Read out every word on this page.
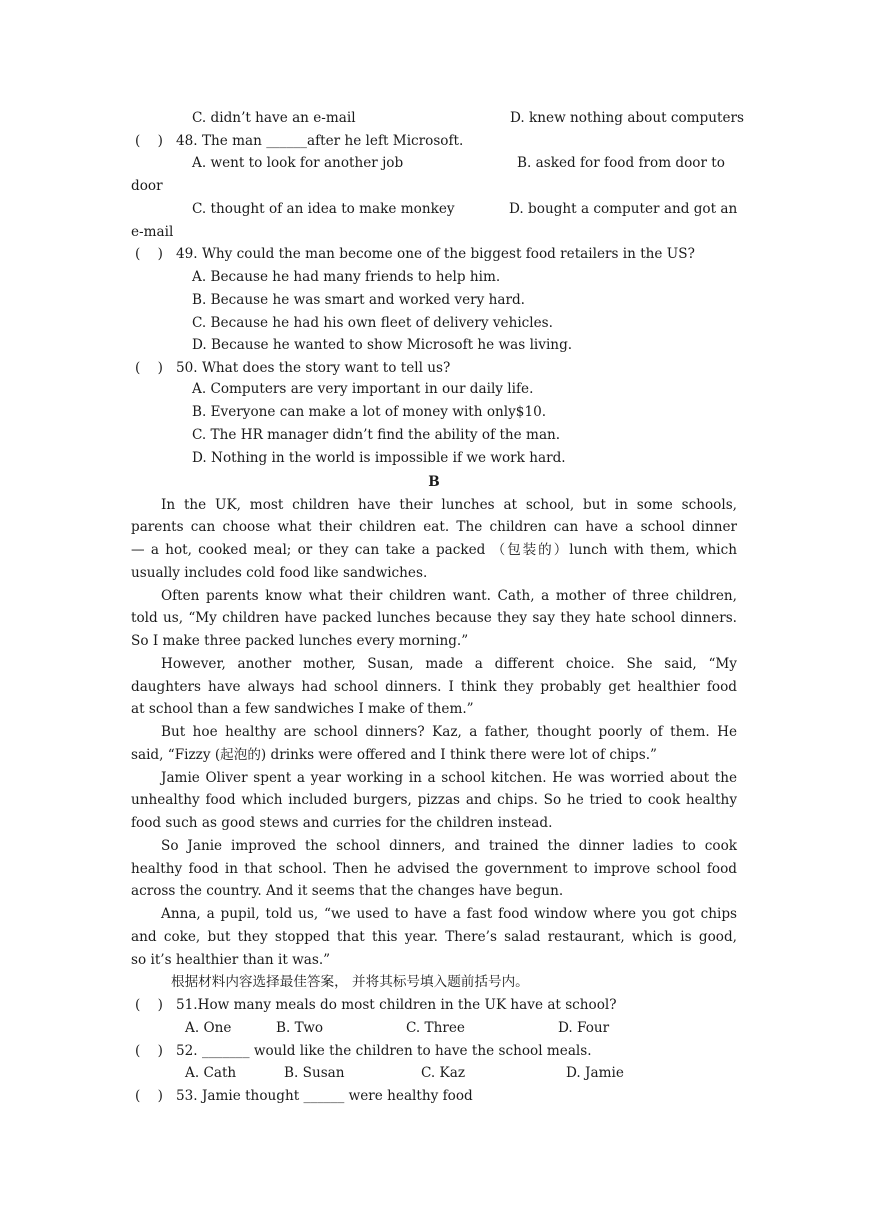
C. didn’t have an e-mail	D. knew nothing about computers
(    ) 48. The man ______after he left Microsoft.
A. went to look for another job	B. asked for food from door to
door
C. thought of an idea to make monkey	D. bought a computer and got an
e-mail
(    ) 49. Why could the man become one of the biggest food retailers in the US?
A. Because he had many friends to help him.
B. Because he was smart and worked very hard.
C. Because he had his own fleet of delivery vehicles.
D. Because he wanted to show Microsoft he was living.
(    ) 50. What does the story want to tell us?
A. Computers are very important in our daily life.
B. Everyone can make a lot of money with only$10.
C. The HR manager didn’t find the ability of the man.
D. Nothing in the world is impossible if we work hard.
B
In the UK, most children have their lunches at school, but in some schools,
parents can choose what their children eat. The children can have a school dinner
— a hot, cooked meal; or they can take a packed （包装的）lunch with them, which
usually includes cold food like sandwiches.
Often parents know what their children want. Cath, a mother of three children,
told us, “My children have packed lunches because they say they hate school dinners.
So I make three packed lunches every morning.”
However, another mother, Susan, made a different choice. She said, “My
daughters have always had school dinners. I think they probably get healthier food
at school than a few sandwiches I make of them.”
But hoe healthy are school dinners? Kaz, a father, thought poorly of them. He
said, “Fizzy (起泡的) drinks were offered and I think there were lot of chips.”
Jamie Oliver spent a year working in a school kitchen. He was worried about the
unhealthy food which included burgers, pizzas and chips. So he tried to cook healthy
food such as good stews and curries for the children instead.
So Janie improved the school dinners, and trained the dinner ladies to cook
healthy food in that school. Then he advised the government to improve school food
across the country. And it seems that the changes have begun.
Anna, a pupil, told us, “we used to have a fast food window where you got chips
and coke, but they stopped that this year. There’s salad restaurant, which is good,
so it’s healthier than it was.”
根据材料内容选择最佳答案， 并将其标号填入题前括号内。
(    ) 51.How many meals do most children in the UK have at school?
A. One	B. Two	C. Three	D. Four
(    ) 52. _______ would like the children to have the school meals.
A. Cath	B. Susan	C. Kaz	D. Jamie
(    ) 53. Jamie thought ______ were healthy food
